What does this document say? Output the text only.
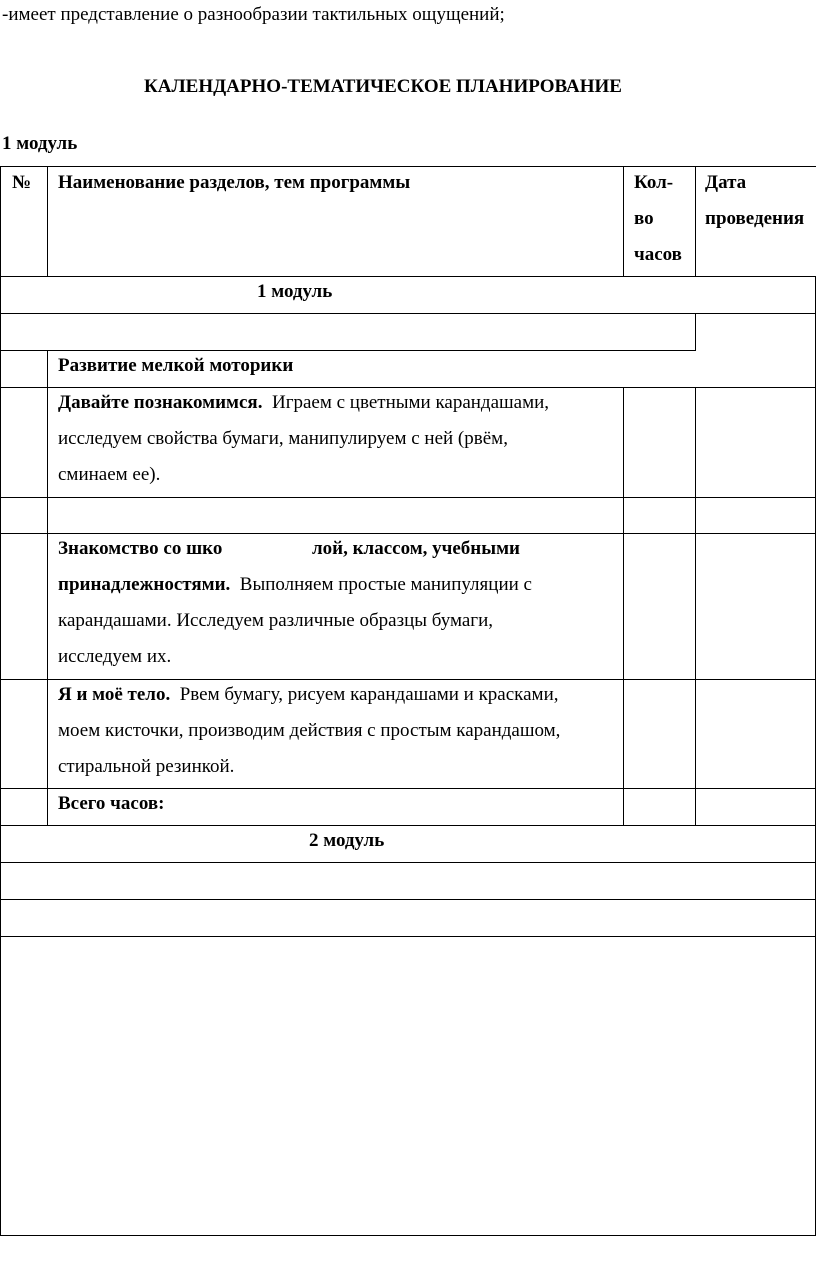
-имеет представление о разнообразии тактильных ощущений;
КАЛЕНДАРНО-ТЕМАТИЧЕСКОЕ ПЛАНИРОВАНИЕ
1 модуль
№ Наименование разделов, тем программы	Кол-
во
часов
Дата
проведения
1 модуль
Развитие мелкой моторики
Давайте познакомимся. Играем с цветными карандашами,
исследуем свойства бумаги, манипулируем с ней (рвём,
сминаем ее).
Знакомство со шко	лой, классом, учебными
принадлежностями. Выполняем простые манипуляции с
карандашами. Исследуем различные образцы бумаги,
исследуем их.
Я и моё тело. Рвем бумагу, рисуем карандашами и красками,
моем кисточки, производим действия с простым карандашом,
стиральной резинкой.
Всего часов:
2 модуль
